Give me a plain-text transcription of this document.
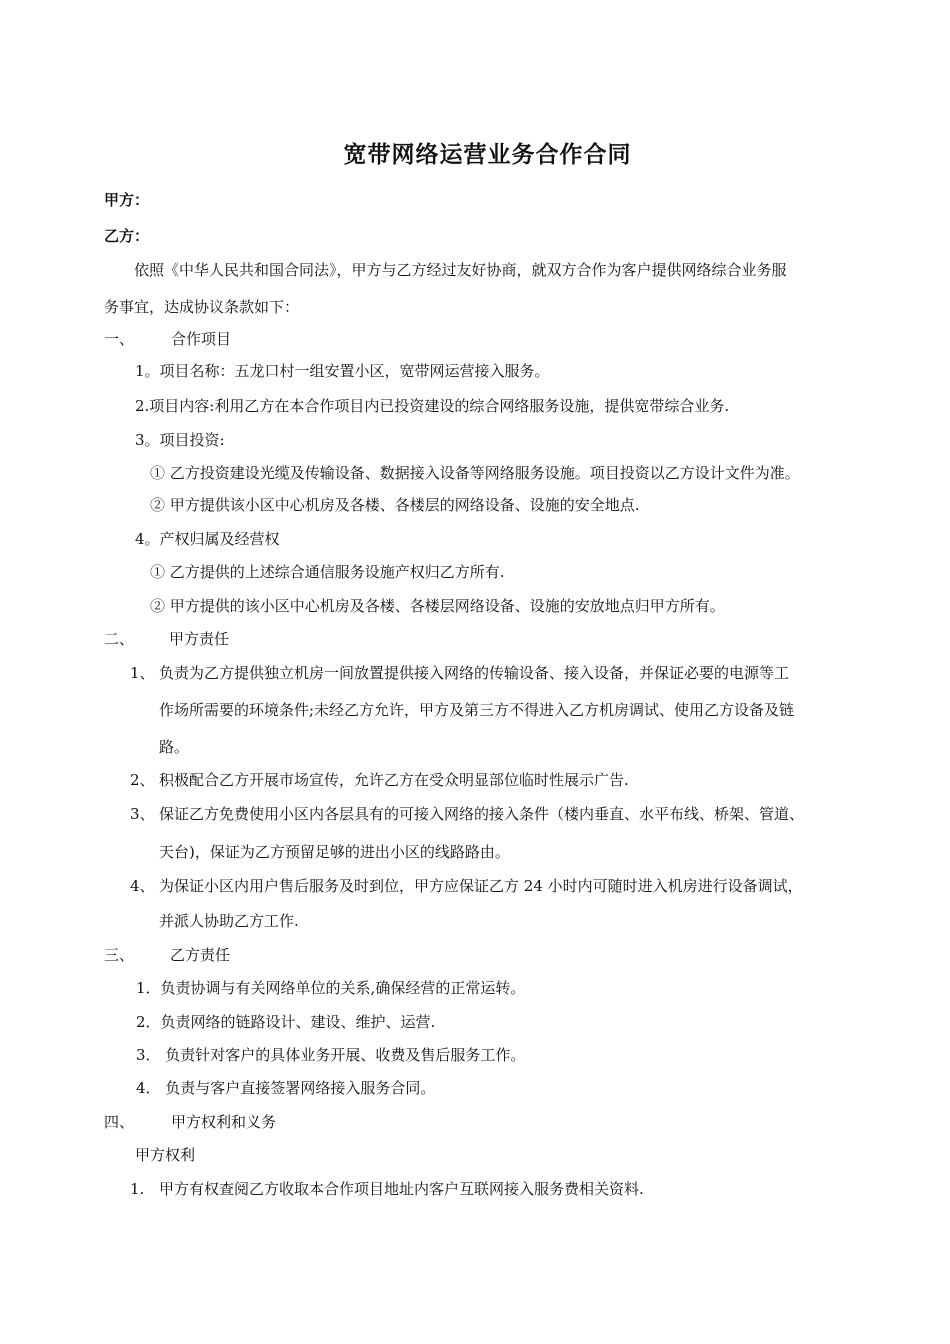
宽带网络运营业务合作合同
甲方：
乙方：
依照《中华人民共和国合同法》，甲方与乙方经过友好协商，就双方合作为客户提供网络综合业务服
务事宜，达成协议条款如下：
一、 合作项目
1。项目名称：五龙口村一组安置小区，宽带网运营接入服务。
2.项目内容:利用乙方在本合作项目内已投资建设的综合网络服务设施，提供宽带综合业务.
3。项目投资:
① 乙方投资建设光缆及传输设备、数据接入设备等网络服务设施。项目投资以乙方设计文件为准。
② 甲方提供该小区中心机房及各楼、各楼层的网络设备、设施的安全地点.
4。产权归属及经营权
① 乙方提供的上述综合通信服务设施产权归乙方所有.
② 甲方提供的该小区中心机房及各楼、各楼层网络设备、设施的安放地点归甲方所有。
二、 甲方责任
1、 负责为乙方提供独立机房一间放置提供接入网络的传输设备、接入设备，并保证必要的电源等工
作场所需要的环境条件;未经乙方允许，甲方及第三方不得进入乙方机房调试、使用乙方设备及链
路。
2、 积极配合乙方开展市场宣传，允许乙方在受众明显部位临时性展示广告.
3、 保证乙方免费使用小区内各层具有的可接入网络的接入条件（楼内垂直、水平布线、桥架、管道、
天台)，保证为乙方预留足够的进出小区的线路路由。
4、 为保证小区内用户售后服务及时到位，甲方应保证乙方 24 小时内可随时进入机房进行设备调试，
并派人协助乙方工作.
三、 乙方责任
1．负责协调与有关网络单位的关系,确保经营的正常运转。
2．负责网络的链路设计、建设、维护、运营.
3． 负责针对客户的具体业务开展、收费及售后服务工作。
4． 负责与客户直接签署网络接入服务合同。
四、 甲方权利和义务
甲方权利
1. 甲方有权查阅乙方收取本合作项目地址内客户互联网接入服务费相关资料.
